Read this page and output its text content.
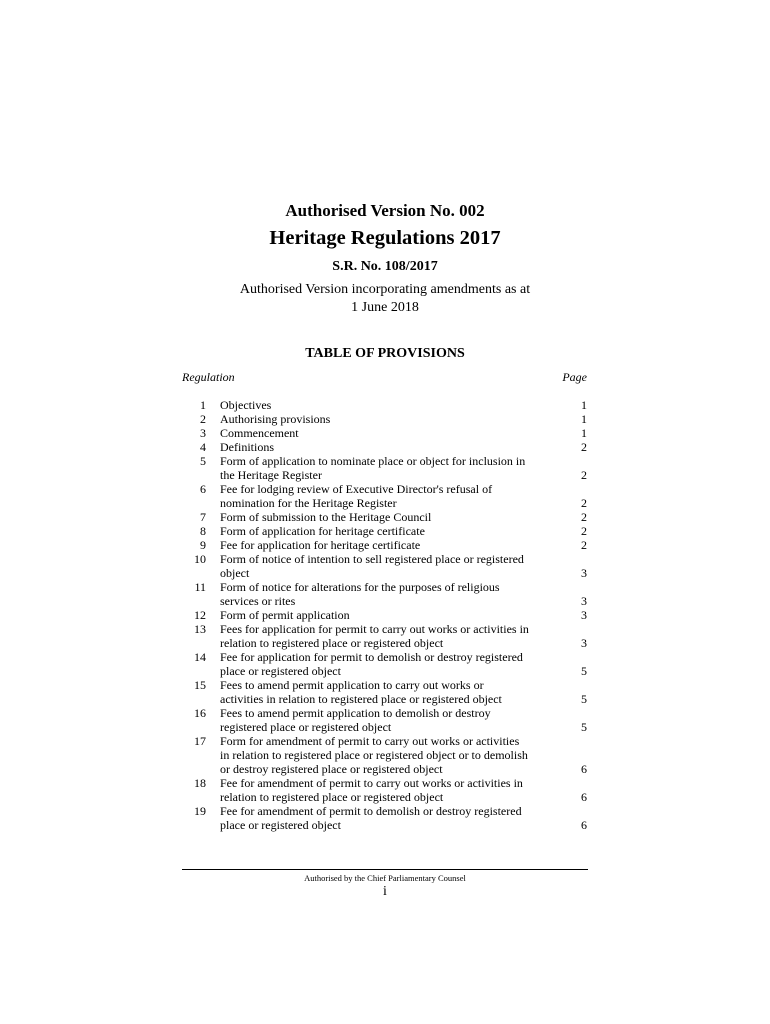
Authorised Version No. 002
Heritage Regulations 2017
S.R. No. 108/2017
Authorised Version incorporating amendments as at
1 June 2018
TABLE OF PROVISIONS
Regulation	Page
1 Objectives	1
2 Authorising provisions	1
3 Commencement	1
4 Definitions	2
5 Form of application to nominate place or object for inclusion in
the Heritage Register	2
6 Fee for lodging review of Executive Director's refusal of
nomination for the Heritage Register	2
7 Form of submission to the Heritage Council	2
8 Form of application for heritage certificate	2
9 Fee for application for heritage certificate	2
10 Form of notice of intention to sell registered place or registered
object	3
11 Form of notice for alterations for the purposes of religious
services or rites	3
12 Form of permit application	3
13 Fees for application for permit to carry out works or activities in
relation to registered place or registered object	3
14 Fee for application for permit to demolish or destroy registered
place or registered object	5
15 Fees to amend permit application to carry out works or
activities in relation to registered place or registered object	5
16 Fees to amend permit application to demolish or destroy
registered place or registered object	5
17 Form for amendment of permit to carry out works or activities
in relation to registered place or registered object or to demolish
or destroy registered place or registered object	6
18 Fee for amendment of permit to carry out works or activities in
relation to registered place or registered object	6
19 Fee for amendment of permit to demolish or destroy registered
place or registered object	6
Authorised by the Chief Parliamentary Counsel
i
